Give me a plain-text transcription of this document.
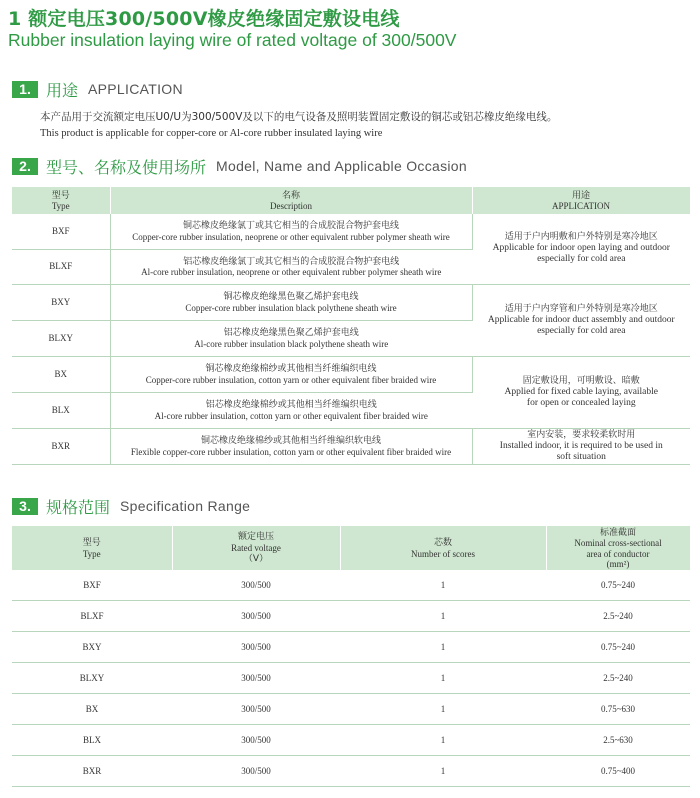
1 额定电压300/500V橡皮绝缘固定敷设电线
Rubber insulation laying wire of rated voltage of 300/500V
1. 用途 APPLICATION
本产品用于交流额定电压U0/U为300/500V及以下的电气设备及照明装置固定敷设的铜芯或铝芯橡皮绝缘电线。
This product is applicable for copper-core or Al-core rubber insulated laying wire
2. 型号、名称及使用场所 Model, Name and Applicable Occasion
型号
Type	名称
Description	用途
APPLICATION
BXF	铜芯橡皮绝缘氯丁或其它相当的合成胶混合物护套电线
Copper-core rubber insulation, neoprene or other equivalent rubber polymer sheath wire	适用于户内明敷和户外特别是寒冷地区
Applicable for indoor open laying and outdoor
especially for cold area
BLXF	铝芯橡皮绝缘氯丁或其它相当的合成胶混合物护套电线
Al-core rubber insulation, neoprene or other equivalent rubber polymer sheath wire	
BXY	铜芯橡皮绝缘黑色聚乙烯护套电线
Copper-core rubber insulation black polythene sheath wire	适用于户内穿管和户外特别是寒冷地区
Applicable for indoor duct assembly and outdoor
especially for cold area
BLXY	铝芯橡皮绝缘黑色聚乙烯护套电线
Al-core rubber insulation black polythene sheath wire	
BX	铜芯橡皮绝缘棉纱或其他相当纤维编织电线
Copper-core rubber insulation, cotton yarn or other equivalent fiber braided wire	固定敷设用，可明敷设、暗敷
Applied for fixed cable laying, available
for open or concealed laying
BLX	铝芯橡皮绝缘棉纱或其他相当纤维编织电线
Al-core rubber insulation, cotton yarn or other equivalent fiber braided wire	
BXR	铜芯橡皮绝缘棉纱或其他相当纤维编织软电线
Flexible copper-core rubber insulation, cotton yarn or other equivalent fiber braided wire	室内安装，要求较柔软时用
Installed indoor, it is required to be used in
soft situation
3. 规格范围 Specification Range
型号
Type	额定电压
Rated voltage
（V）	芯数
Number of scores	标准截面
Nominal cross-sectional
area of conductor
(mm²)
BXF	300/500	1	0.75~240
BLXF	300/500	1	2.5~240
BXY	300/500	1	0.75~240
BLXY	300/500	1	2.5~240
BX	300/500	1	0.75~630
BLX	300/500	1	2.5~630
BXR	300/500	1	0.75~400
